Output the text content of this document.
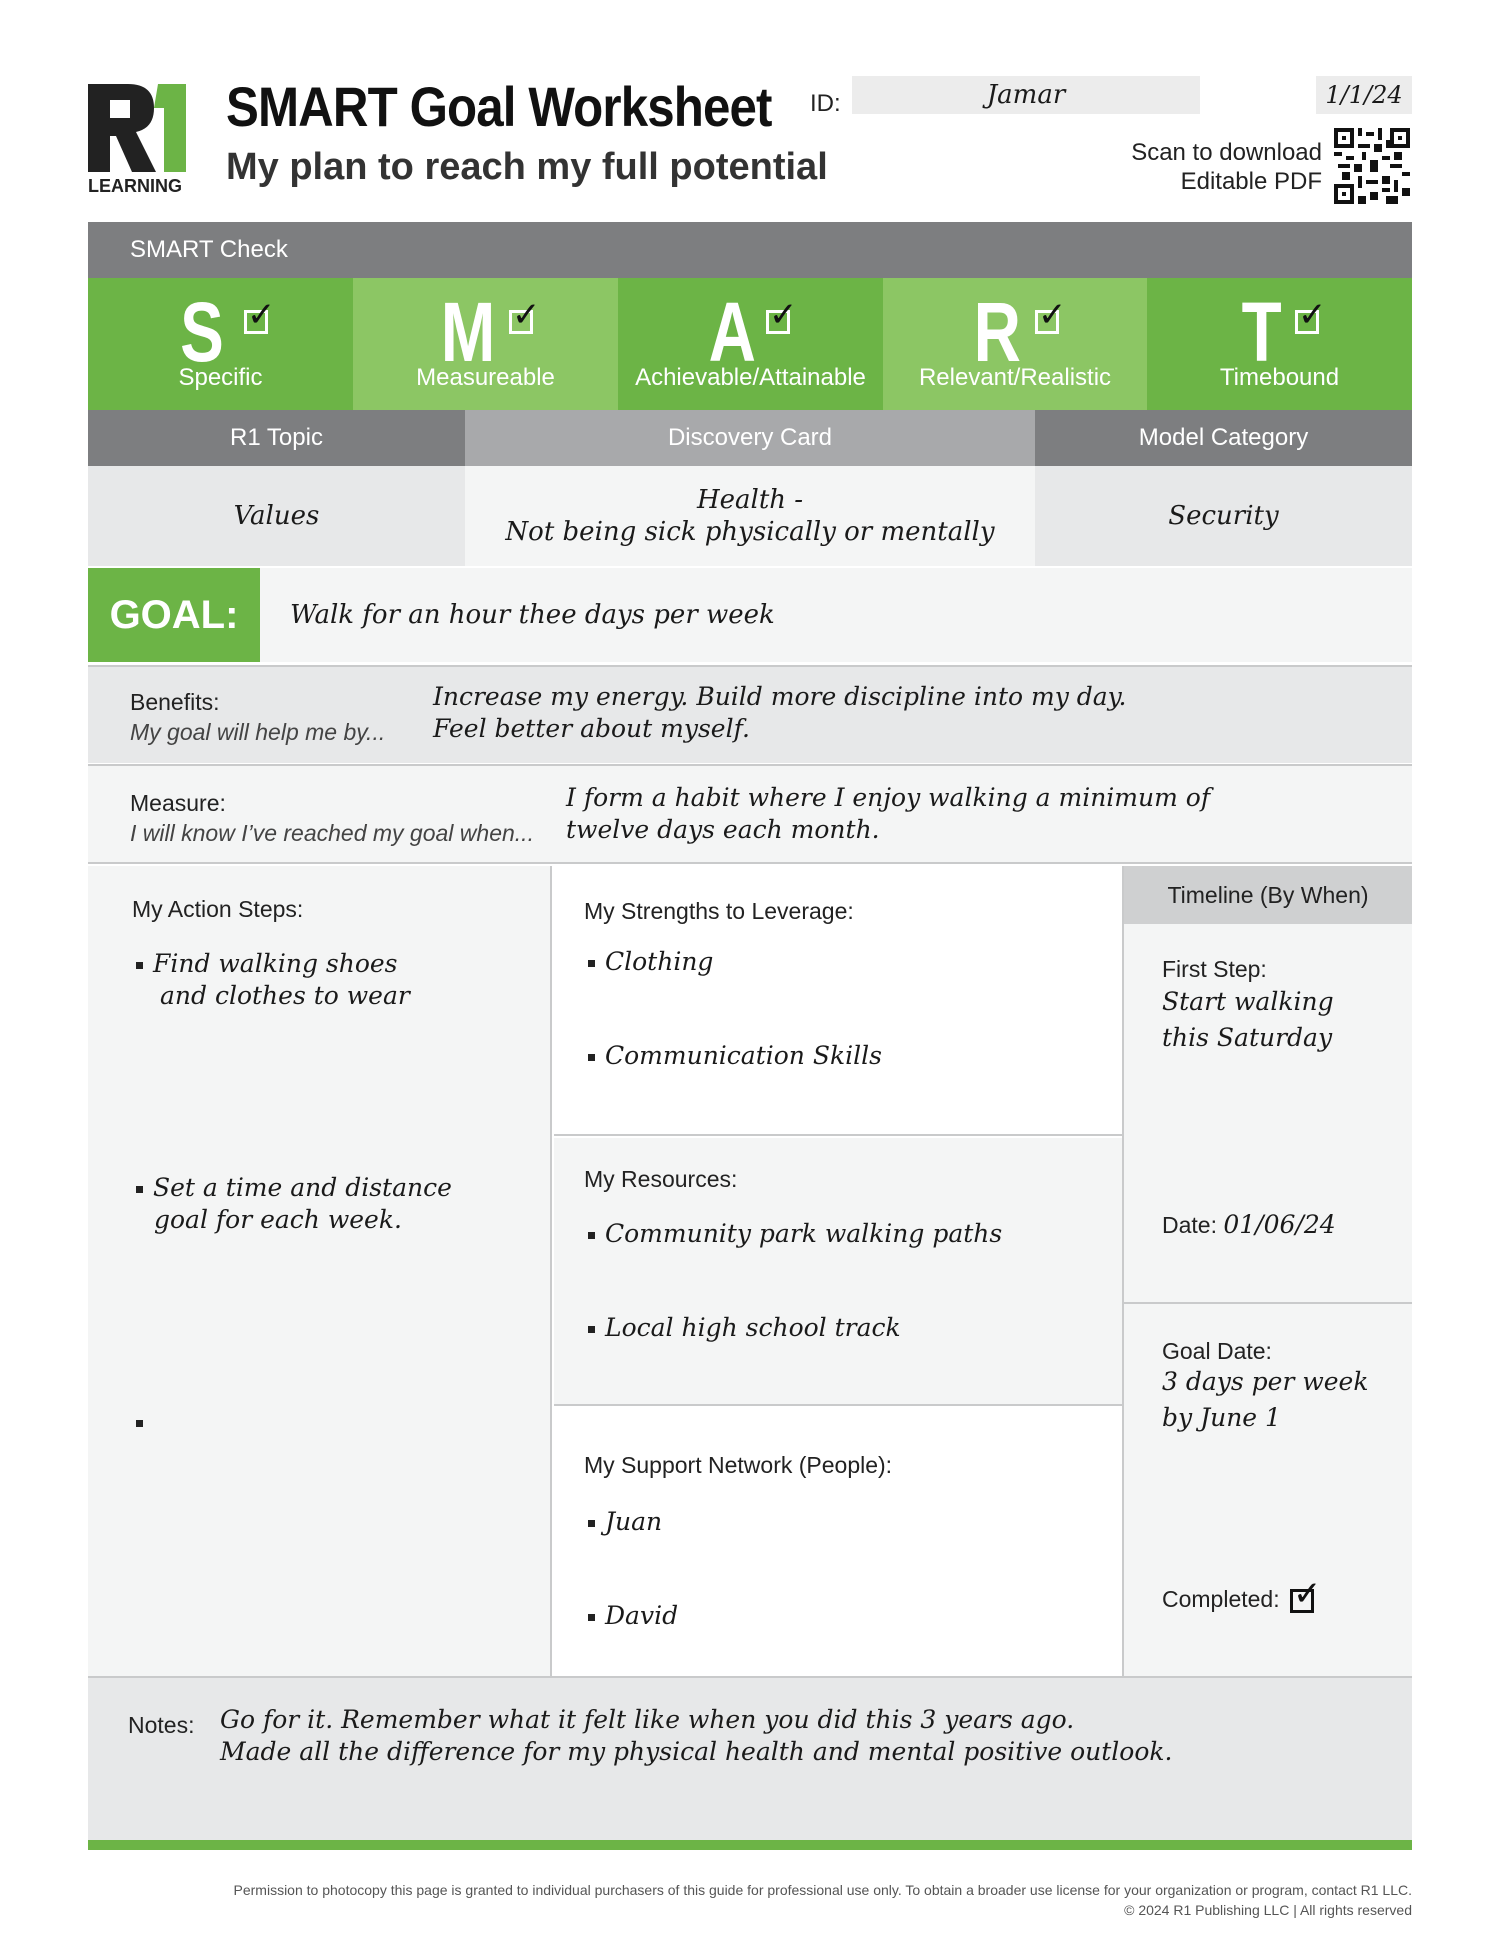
LEARNING
SMART Goal Worksheet
My plan to reach my full potential
ID:	Jamar	1/1/24
Scan to download
Editable PDF
SMART Check
S
✓
Specific	M
✓
Measureable	A
✓
Achievable/Attainable	R
✓
Relevant/Realistic	T
✓
Timebound
R1 Topic	Discovery Card	Model Category
Values
Health -
Not being sick physically or mentally
Security
GOAL:	Walk for an hour thee days per week
Benefits:
My goal will help me by...
Increase my energy. Build more discipline into my day.
Feel better about myself.
Measure:
I will know I’ve reached my goal when...
I form a habit where I enjoy walking a minimum of
twelve days each month.
My Action Steps:
Find walking shoes
and clothes to wear
Set a time and distance
goal for each week.
My Strengths to Leverage:
Clothing
Communication Skills
My Resources:
Community park walking paths
Local high school track
My Support Network (People):
Juan
David
Timeline (By When)
First Step:
Start walking
this Saturday
Date: 01/06/24
Goal Date:
3 days per week
by June 1
Completed: ✓
Notes: Go for it. Remember what it felt like when you did this 3 years ago.
Made all the difference for my physical health and mental positive outlook.
Permission to photocopy this page is granted to individual purchasers of this guide for professional use only. To obtain a broader use license for your organization or program, contact R1 LLC.
© 2024 R1 Publishing LLC | All rights reserved
